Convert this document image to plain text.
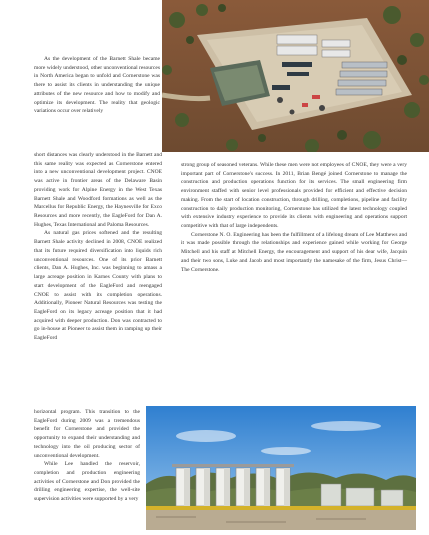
As the development of the Barnett Shale became more widely understood, other unconventional resources in North America began to unfold and Cornerstone was there to assist its clients in understanding the unique attributes of the new resource and how to modify and optimize its development. The reality that geologic variations occur over relatively

short distances was clearly understood in the Barnett and this same reality was expected as Cornerstone entered into a new unconventional development project. CNOE was active in frontier areas of the Delaware Basin providing work for Alpine Energy in the West Texas Barnett Shale and Woodford formations as well as the Marcellus for Republic Energy, the Haynesville for Exco Resources and more recently, the EagleFord for Dan A. Hughes, Texas International and Paloma Resources.

As natural gas prices softened and the resulting Barnett Shale activity declined in 2008, CNOE realized that its future required diversification into liquids rich unconventional resources. One of its prior Barnett clients, Dan A. Hughes, Inc. was beginning to amass a large acreage position in Karnes County with plans to start development of the EagleFord and reengaged CNOE to assist with its completion operations. Additionally, Pioneer Natural Resources was testing the EagleFord on its legacy acreage position that it had acquired with deeper production. Don was contracted to go in-house at Pioneer to assist them in ramping up their EagleFord

horizontal program. This transition to the EagleFord during 2009 was a tremendous benefit for Cornerstone and provided the opportunity to expand their understanding and technology into the oil producing sector of unconventional development.

While Lee handled the reservoir, completion and production engineering activities of Cornerstone and Don provided the drilling engineering expertise, the well-site supervision activities were supported by a very

strong group of seasoned veterans. While these men were not employees of CNOE, they were a very important part of Cornerstone's success. In 2011, Brian Bengé joined Cornerstone to manage the construction and production operations function for its services. The small engineering firm environment staffed with senior level professionals provided for efficient and effective decision making. From the start of location construction, through drilling, completions, pipeline and facility construction to daily production monitoring, Cornerstone has utilized the latest technology coupled with extensive industry experience to provide its clients with engineering and operations support competitive with that of large independents.

Cornerstone N. O. Engineering has been the fulfillment of a lifelong dream of Lee Matthews and it was made possible through the relationships and experience gained while working for George Mitchell and his staff at Mitchell Energy, the encouragement and support of his dear wife, Jacquin and their two sons, Luke and Jacob and most importantly the namesake of the firm, Jesus Christ—The Cornerstone.
